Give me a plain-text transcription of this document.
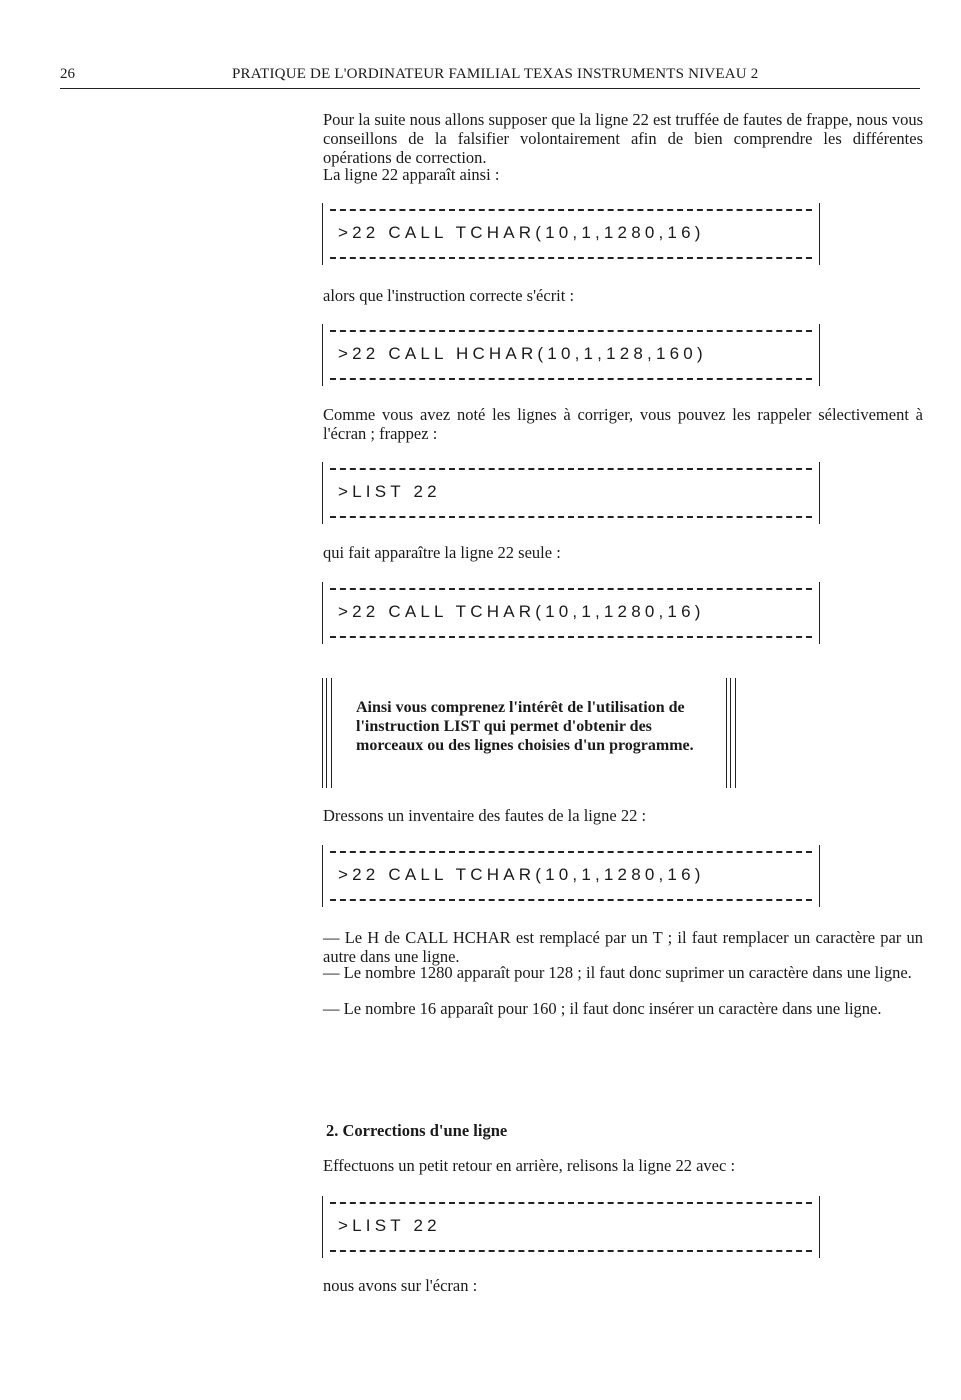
26	PRATIQUE DE L'ORDINATEUR FAMILIAL TEXAS INSTRUMENTS NIVEAU 2

Pour la suite nous allons supposer que la ligne 22 est truffée de fautes de frappe, nous vous conseillons de la falsifier volontairement afin de bien comprendre les différentes opérations de correction.

La ligne 22 apparaît ainsi :

>22 CALL TCHAR(10,1,1280,16)

alors que l'instruction correcte s'écrit :

>22 CALL HCHAR(10,1,128,160)

Comme vous avez noté les lignes à corriger, vous pouvez les rappeler sélectivement à l'écran ; frappez :

>LIST 22

qui fait apparaître la ligne 22 seule :

>22 CALL TCHAR(10,1,1280,16)

Ainsi vous comprenez l'intérêt de l'utilisation de l'instruction LIST qui permet d'obtenir des morceaux ou des lignes choisies d'un programme.

Dressons un inventaire des fautes de la ligne 22 :

>22 CALL TCHAR(10,1,1280,16)

— Le H de CALL HCHAR est remplacé par un T ; il faut remplacer un caractère par un autre dans une ligne.

— Le nombre 1280 apparaît pour 128 ; il faut donc suprimer un caractère dans une ligne.

— Le nombre 16 apparaît pour 160 ; il faut donc insérer un caractère dans une ligne.

2. Corrections d'une ligne

Effectuons un petit retour en arrière, relisons la ligne 22 avec :

>LIST 22

nous avons sur l'écran :
